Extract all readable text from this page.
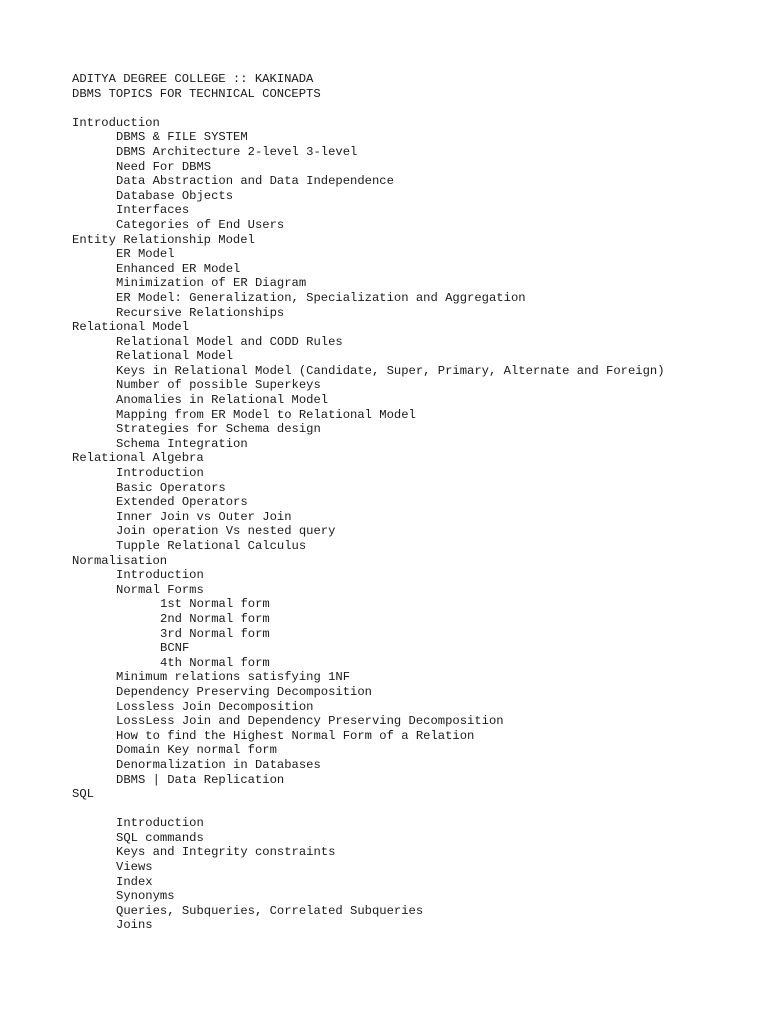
ADITYA DEGREE COLLEGE :: KAKINADA
DBMS TOPICS FOR TECHNICAL CONCEPTS
Introduction
DBMS & FILE SYSTEM
DBMS Architecture 2-level 3-level
Need For DBMS
Data Abstraction and Data Independence
Database Objects
Interfaces
Categories of End Users
Entity Relationship Model
ER Model
Enhanced ER Model
Minimization of ER Diagram
ER Model: Generalization, Specialization and Aggregation
Recursive Relationships
Relational Model
Relational Model and CODD Rules
Relational Model
Keys in Relational Model (Candidate, Super, Primary, Alternate and Foreign)
Number of possible Superkeys
Anomalies in Relational Model
Mapping from ER Model to Relational Model
Strategies for Schema design
Schema Integration
Relational Algebra
Introduction
Basic Operators
Extended Operators
Inner Join vs Outer Join
Join operation Vs nested query
Tupple Relational Calculus
Normalisation
Introduction
Normal Forms
1st Normal form
2nd Normal form
3rd Normal form
BCNF
4th Normal form
Minimum relations satisfying 1NF
Dependency Preserving Decomposition
Lossless Join Decomposition
LossLess Join and Dependency Preserving Decomposition
How to find the Highest Normal Form of a Relation
Domain Key normal form
Denormalization in Databases
DBMS | Data Replication
SQL
Introduction
SQL commands
Keys and Integrity constraints
Views
Index
Synonyms
Queries, Subqueries, Correlated Subqueries
Joins
